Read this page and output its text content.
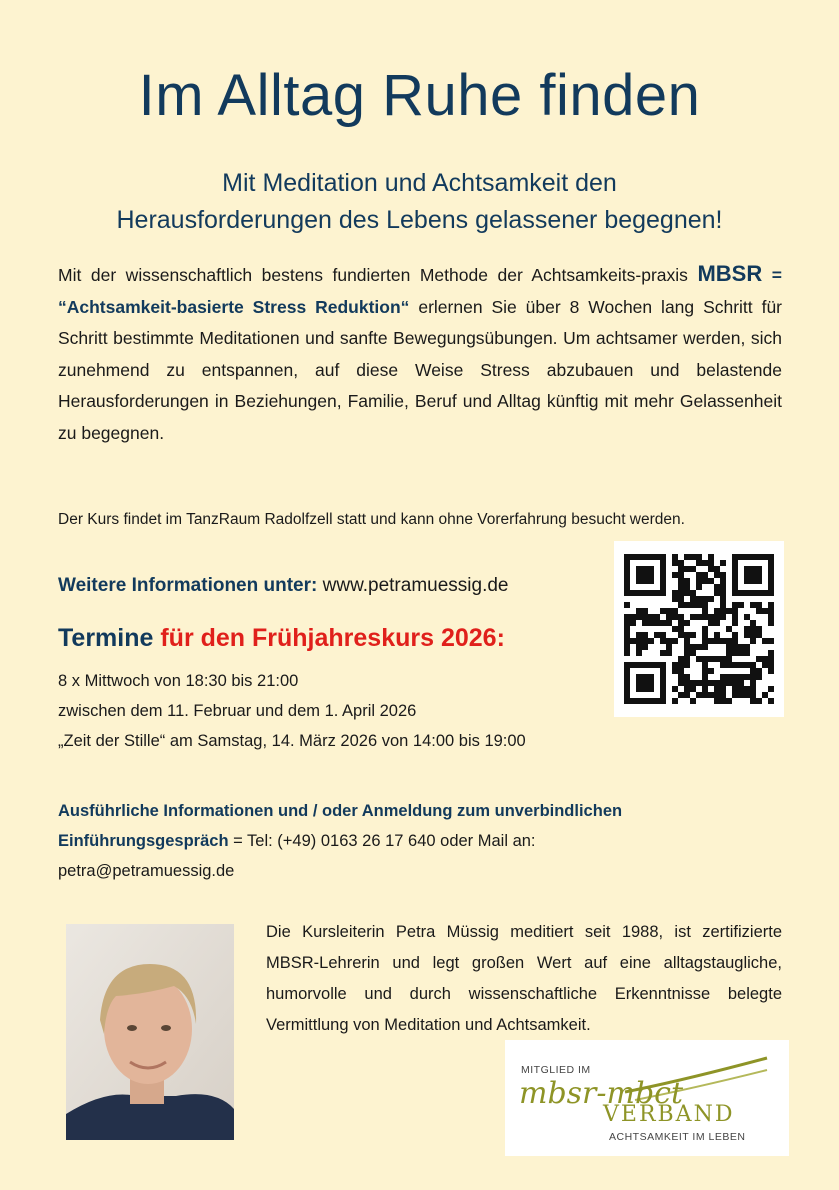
Im Alltag Ruhe finden
Mit Meditation und Achtsamkeit den
Herausforderungen des Lebens gelassener begegnen!
Mit der wissenschaftlich bestens fundierten Methode der Achtsamkeits-praxis MBSR = “Achtsamkeit-basierte Stress Reduktion“ erlernen Sie über 8 Wochen lang Schritt für Schritt bestimmte Meditationen und sanfte Bewegungsübungen. Um achtsamer werden, sich zunehmend zu entspannen, auf diese Weise Stress abzubauen und belastende Herausforderungen in Beziehungen, Familie, Beruf und Alltag künftig mit mehr Gelassenheit zu begegnen.
Der Kurs findet im TanzRaum Radolfzell statt und kann ohne Vorerfahrung besucht werden.
Weitere Informationen unter: www.petramuessig.de
Termine für den Frühjahreskurs 2026:
8 x Mittwoch von 18:30 bis 21:00
zwischen dem 11. Februar und dem 1. April 2026
„Zeit der Stille“ am Samstag, 14. März 2026 von 14:00 bis 19:00
Ausführliche Informationen und / oder Anmeldung zum unverbindlichen
Einführungsgespräch = Tel: (+49) 0163 26 17 640 oder Mail an:
petra@petramuessig.de
Die Kursleiterin Petra Müssig meditiert seit 1988, ist zertifizierte MBSR-Lehrerin und legt großen Wert auf eine alltagstaugliche, humorvolle und durch wissenschaftliche Erkenntnisse belegte Vermittlung von Meditation und Achtsamkeit.
MITGLIED IM
mbsr-mbct
VERBAND
ACHTSAMKEIT IM LEBEN
